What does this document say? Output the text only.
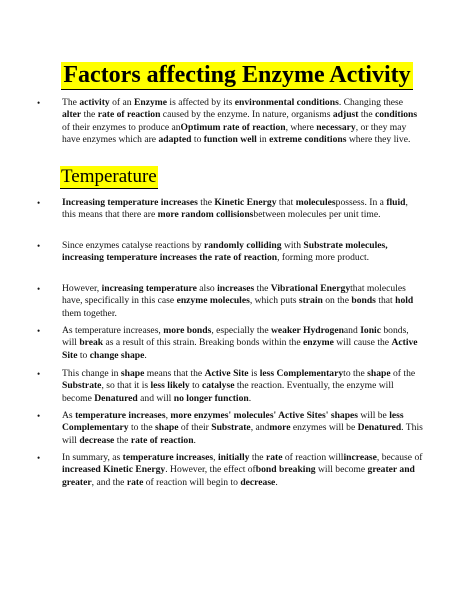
Factors affecting Enzyme Activity

•	The activity of an Enzyme is affected by its environmental conditions. Changing these alter the rate of reaction caused by the enzyme. In nature, organisms adjust the conditions of their enzymes to produce anOptimum rate of reaction, where necessary, or they may have enzymes which are adapted to function well in extreme conditions where they live.

Temperature

•	Increasing temperature increases the Kinetic Energy that moleculespossess. In a fluid, this means that there are more random collisionsbetween molecules per unit time.

•	Since enzymes catalyse reactions by randomly colliding with Substrate molecules, increasing temperature increases the rate of reaction, forming more product.

•	However, increasing temperature also increases the Vibrational Energythat molecules have, specifically in this case enzyme molecules, which puts strain on the bonds that hold them together.

•	As temperature increases, more bonds, especially the weaker Hydrogenand Ionic bonds, will break as a result of this strain. Breaking bonds within the enzyme will cause the Active Site to change shape.

•	This change in shape means that the Active Site is less Complementaryto the shape of the Substrate, so that it is less likely to catalyse the reaction. Eventually, the enzyme will become Denatured and will no longer function.

•	As temperature increases, more enzymes' molecules' Active Sites' shapes will be less Complementary to the shape of their Substrate, andmore enzymes will be Denatured. This will decrease the rate of reaction.

•	In summary, as temperature increases, initially the rate of reaction willincrease, because of increased Kinetic Energy. However, the effect ofbond breaking will become greater and greater, and the rate of reaction will begin to decrease.
